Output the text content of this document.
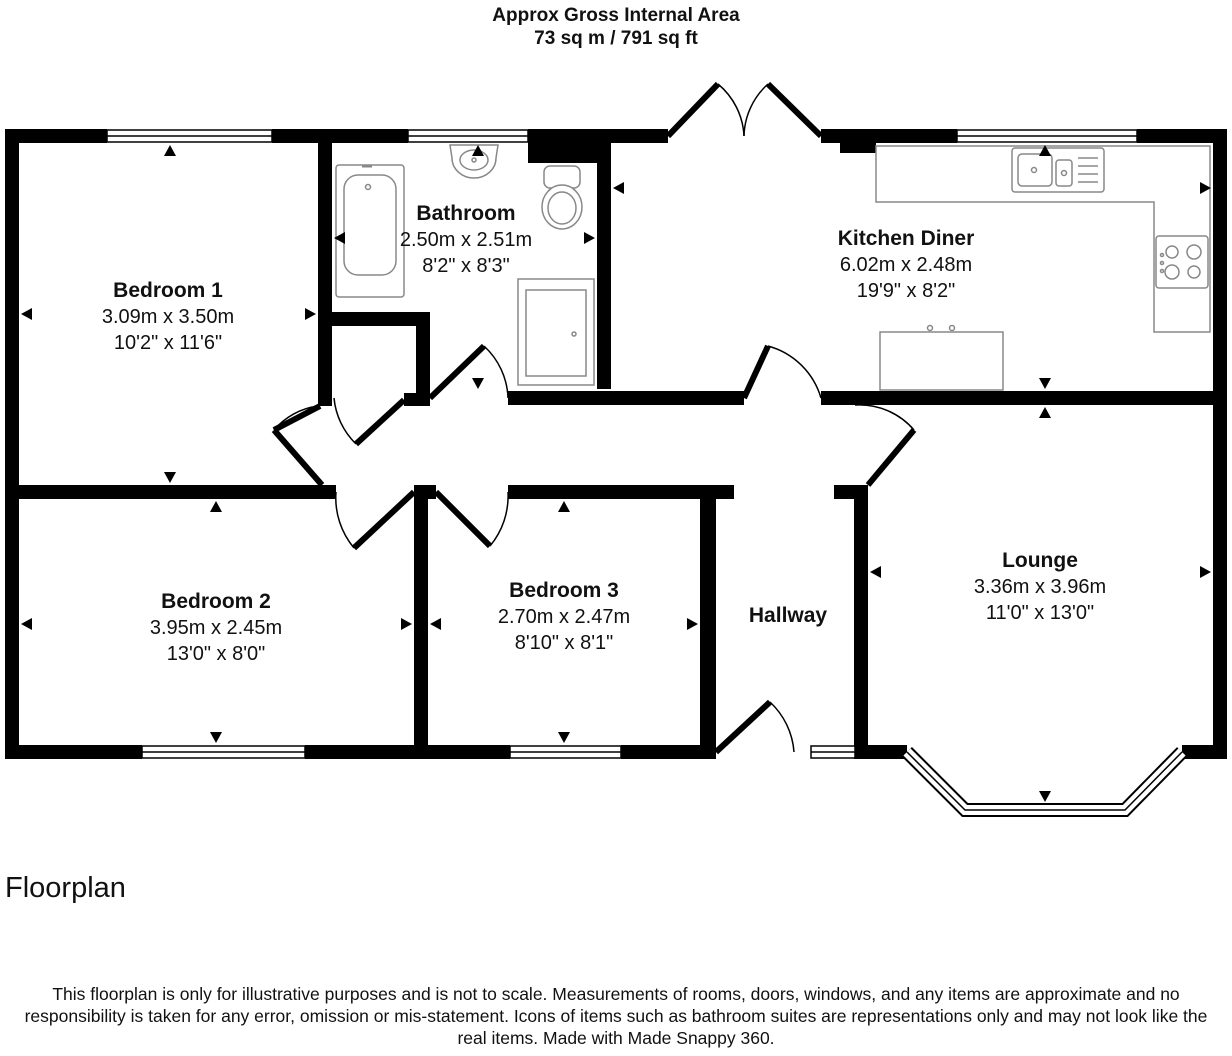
Approx Gross Internal Area
73 sq m / 791 sq ft
Bedroom 1
3.09m x 3.50m
10'2" x 11'6"
Bathroom
2.50m x 2.51m
8'2" x 8'3"
Kitchen Diner
6.02m x 2.48m
19'9" x 8'2"
Bedroom 2
3.95m x 2.45m
13'0" x 8'0"
Bedroom 3
2.70m x 2.47m
8'10" x 8'1"
Hallway
Lounge
3.36m x 3.96m
11'0" x 13'0"
Floorplan
This floorplan is only for illustrative purposes and is not to scale. Measurements of rooms, doors, windows, and any items are approximate and no responsibility is taken for any error, omission or mis-statement. Icons of items such as bathroom suites are representations only and may not look like the real items. Made with Made Snappy 360.
